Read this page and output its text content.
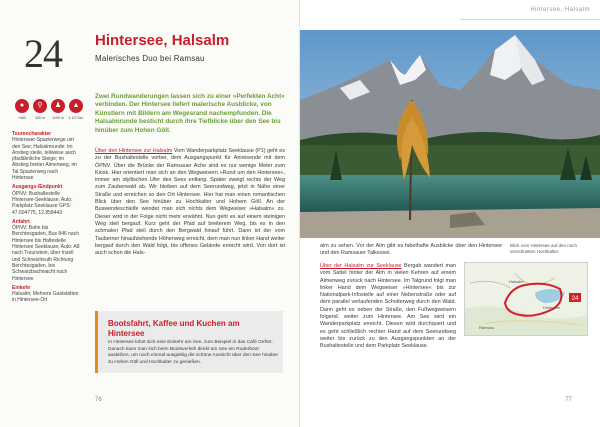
24 Hintersee, Halsalm
Malerisches Duo bei Ramsau
●	⚲	♟	▲
+460	330 m	1190 m	4 1/2 Std.
Tourencharakter

Hinterseer-Spazierwege um den See; Halsalmrunde: Im Anstieg steile, teilweise auch pfadähnliche Steige; im Abstieg breiter Almenweg, im Tal Spazierweg nach Hintersee

Ausgangs-/Endpunkt

ÖPNV: Bushaltestelle Hintersee-Seeklause; Auto: Parkplatz Seeklause GPS: 47.604775, 12.858443

Anfahrt

ÖPNV: Bahn bis Berchtesgaden, Bus 846 nach Hintersee bis Haltestelle Hintersee Seeklause; Auto: A8 nach Traunstein, über Inzell und Schneizlreuth Richtung Berchtesgaden, bei Schwarzbachwacht nach Hintersee

Einkehr

Halsalm; Mehrere Gaststätten in Hintersee-Ort

Zwei Rundwanderungen lassen sich zu einer »Perfekten Acht« verbinden. Der Hintersee liefert malerische Ausblicke, von Künstlern mit Bildern am Wegesrand nachempfunden. Die Halsalmrunde besticht durch ihre Tiefblicke über den See bis hinüber zum Hohen Göll.
Über den Hintersee zur Halsalm Vom Wanderparkplatz Seeklause (P1) geht es zu der Bushaltestelle vorbei, dem Ausgangspunkt für Anreisende mit dem ÖPNV. Über die Brücke der Ramsauer Ache sind es nur wenige Meter zum Kiosk. Hier orientiert man sich an den Wegweisern »Rund um den Hintersee«, immer am idyllischen Ufer des Sees entlang. Später zweigt rechts der Weg zum Zauberwald ab. Wir bleiben auf dem Seerundweg, jetzt in Nähe einer Straße und erreichen so den Ort Hintersee. Hier hat man einen romantischen Blick über den See hinüber zu Hochkalter und Hohem Göll. An der Buswendeschleife wendet man sich nichts dem Wegweiser »Halsalm« zu. Dieser wird in der Folge nicht mehr erwähnt. Nun geht es auf einem steinigen Weg steil bergauf. Kurz geht der Pfad auf breiterem Weg, bis es in den schmalen Pfad steil durch den Bergwald hinauf führt. Dann ist der vom Tauberner hinaufziehende Höhenweg erreicht, dem man nun linker Hand weiter bergauf durch den Wald folgt, bis offenes Gelände erreicht wird. Von dort ist auch schon die Hals-
Bootsfahrt, Kaffee und Kuchen am Hintersee
In Hintersee lohnt sich eine Einkehr am See, zum Beispiel in das Café Gefört. Danach kann man sich beim Bootsverleih direkt am See ein Ruderboot ausleihen, um noch einmal ausgiebig die schöne Aussicht über den See hinüber zu Hohen Göll und Hochkalter zu genießen.
76
Hintersee, Halsalm
alm zu sehen. Vor der Alm gibt es fabelhafte Ausblicke über den Hintersee und den Ramsauer Talkessel.
Blick vom Hintersee auf den noch verschneiten Hochkalter
Über der Halsalm zur Seeklause Bergab wandert man vom Sattel hinter der Alm in vielen Kehren auf einem Almenweg zurück nach Hintersee. Im Talgrund folgt man linker Hand dem Wegweiser »Hintersee« bis zur Nationalpark-Infostelle auf einer Nebenstraße oder auf dem parallel verlaufenden Schotterweg durch den Wald. Dann geht es neben der Straße, den Fußwegweisern folgend, weiter zum Hintersee. Am See wird ein Wanderparkplatz erreicht. Diesen wird durchquert und es geht schließlich rechter Hand auf dem Seerundweg weiter bis zurück zu den Ausgangspunkten an der Bushaltestelle und dem Parkplatz Seeklause.
24
Halsalm
Hintersee
Ramsau
77
